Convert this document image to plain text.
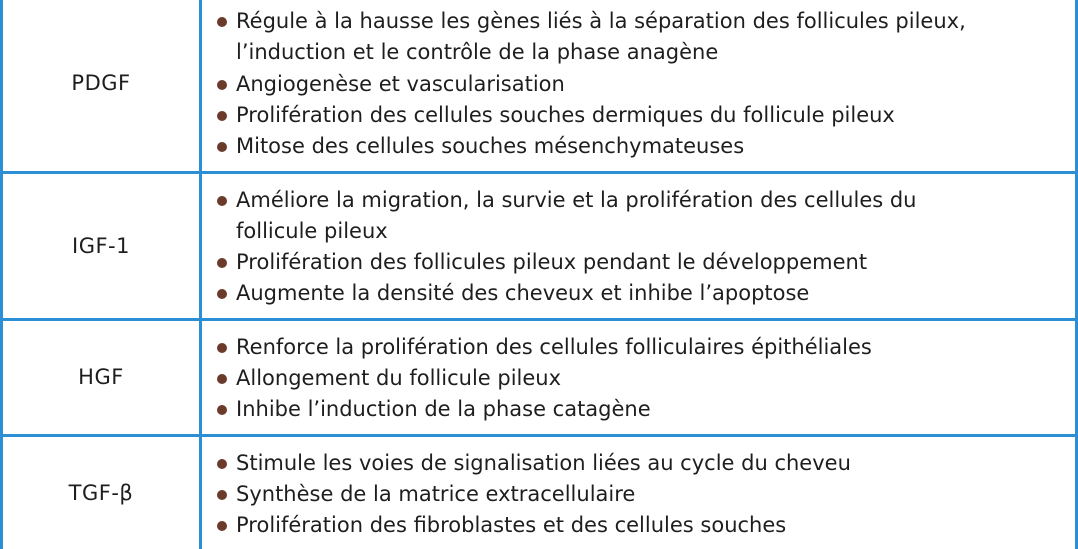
PDGF
Régule à la hausse les gènes liés à la séparation des follicules pileux,
l’induction et le contrôle de la phase anagène
Angiogenèse et vascularisation
Prolifération des cellules souches dermiques du follicule pileux
Mitose des cellules souches mésenchymateuses
IGF-1
Améliore la migration, la survie et la prolifération des cellules du
follicule pileux
Prolifération des follicules pileux pendant le développement
Augmente la densité des cheveux et inhibe l’apoptose
HGF
Renforce la prolifération des cellules folliculaires épithéliales
Allongement du follicule pileux
Inhibe l’induction de la phase catagène
TGF-β
Stimule les voies de signalisation liées au cycle du cheveu
Synthèse de la matrice extracellulaire
Prolifération des fibroblastes et des cellules souches
